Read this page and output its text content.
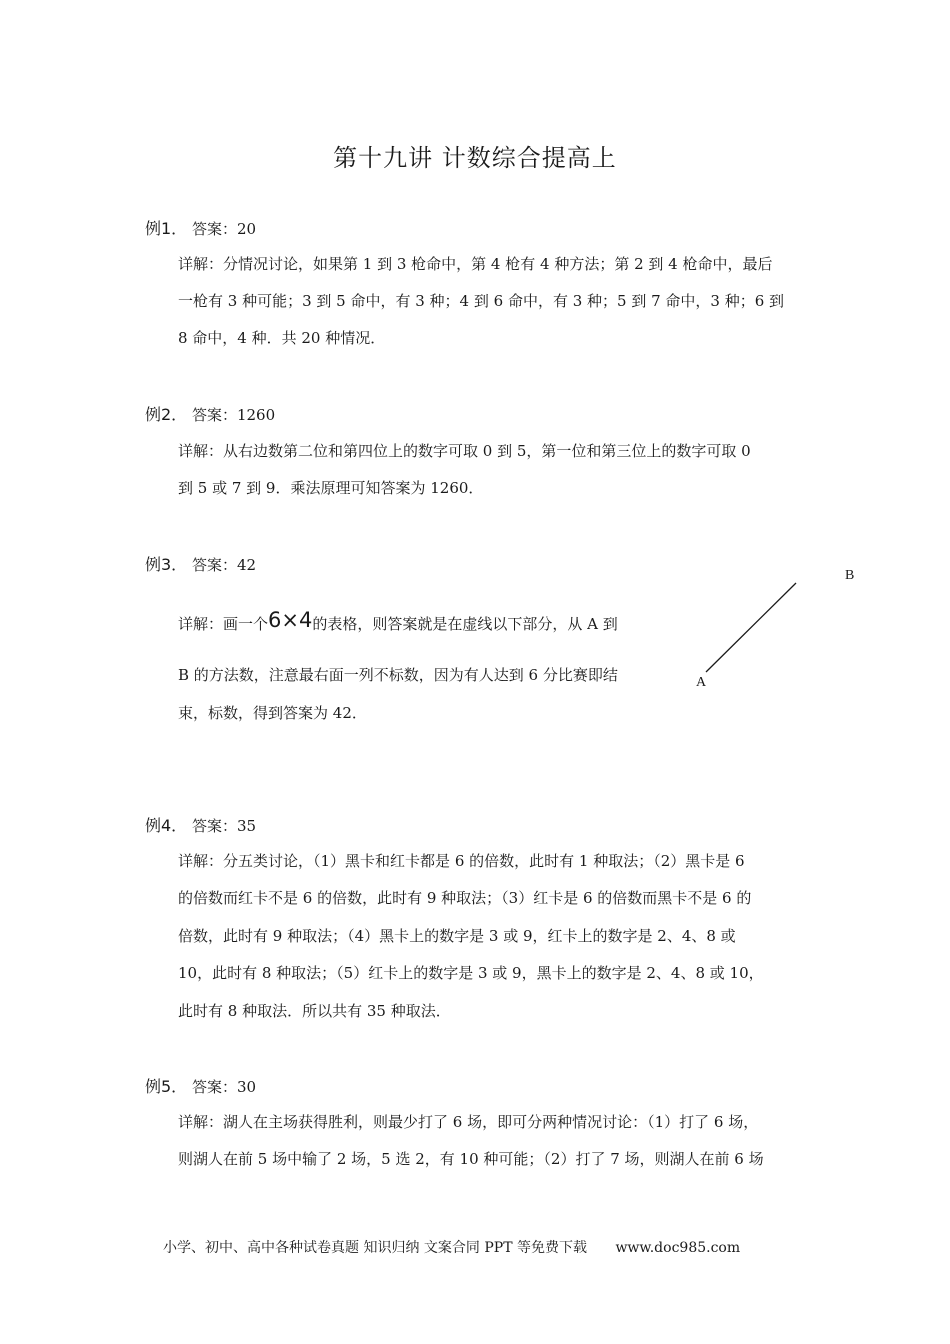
第十九讲 计数综合提高上
例1． 答案：20
详解：分情况讨论，如果第 1 到 3 枪命中，第 4 枪有 4 种方法；第 2 到 4 枪命中，最后
一枪有 3 种可能；3 到 5 命中，有 3 种；4 到 6 命中，有 3 种；5 到 7 命中，3 种；6 到
8 命中，4 种．共 20 种情况．
例2． 答案：1260
详解：从右边数第二位和第四位上的数字可取 0 到 5，第一位和第三位上的数字可取 0
到 5 或 7 到 9．乘法原理可知答案为 1260．
例3． 答案：42
详解：画一个6×4的表格，则答案就是在虚线以下部分，从 A 到
B 的方法数，注意最右面一列不标数，因为有人达到 6 分比赛即结
束，标数，得到答案为 42．
B
A
例4． 答案：35
详解：分五类讨论，（1）黑卡和红卡都是 6 的倍数，此时有 1 种取法；（2）黑卡是 6
的倍数而红卡不是 6 的倍数，此时有 9 种取法；（3）红卡是 6 的倍数而黑卡不是 6 的
倍数，此时有 9 种取法；（4）黑卡上的数字是 3 或 9，红卡上的数字是 2、4、8 或
10，此时有 8 种取法；（5）红卡上的数字是 3 或 9，黑卡上的数字是 2、4、8 或 10，
此时有 8 种取法．所以共有 35 种取法．
例5． 答案：30
详解：湖人在主场获得胜利，则最少打了 6 场，即可分两种情况讨论：（1）打了 6 场，
则湖人在前 5 场中输了 2 场，5 选 2，有 10 种可能；（2）打了 7 场，则湖人在前 6 场
小学、初中、高中各种试卷真题 知识归纳 文案合同 PPT 等免费下载 www.doc985.com
